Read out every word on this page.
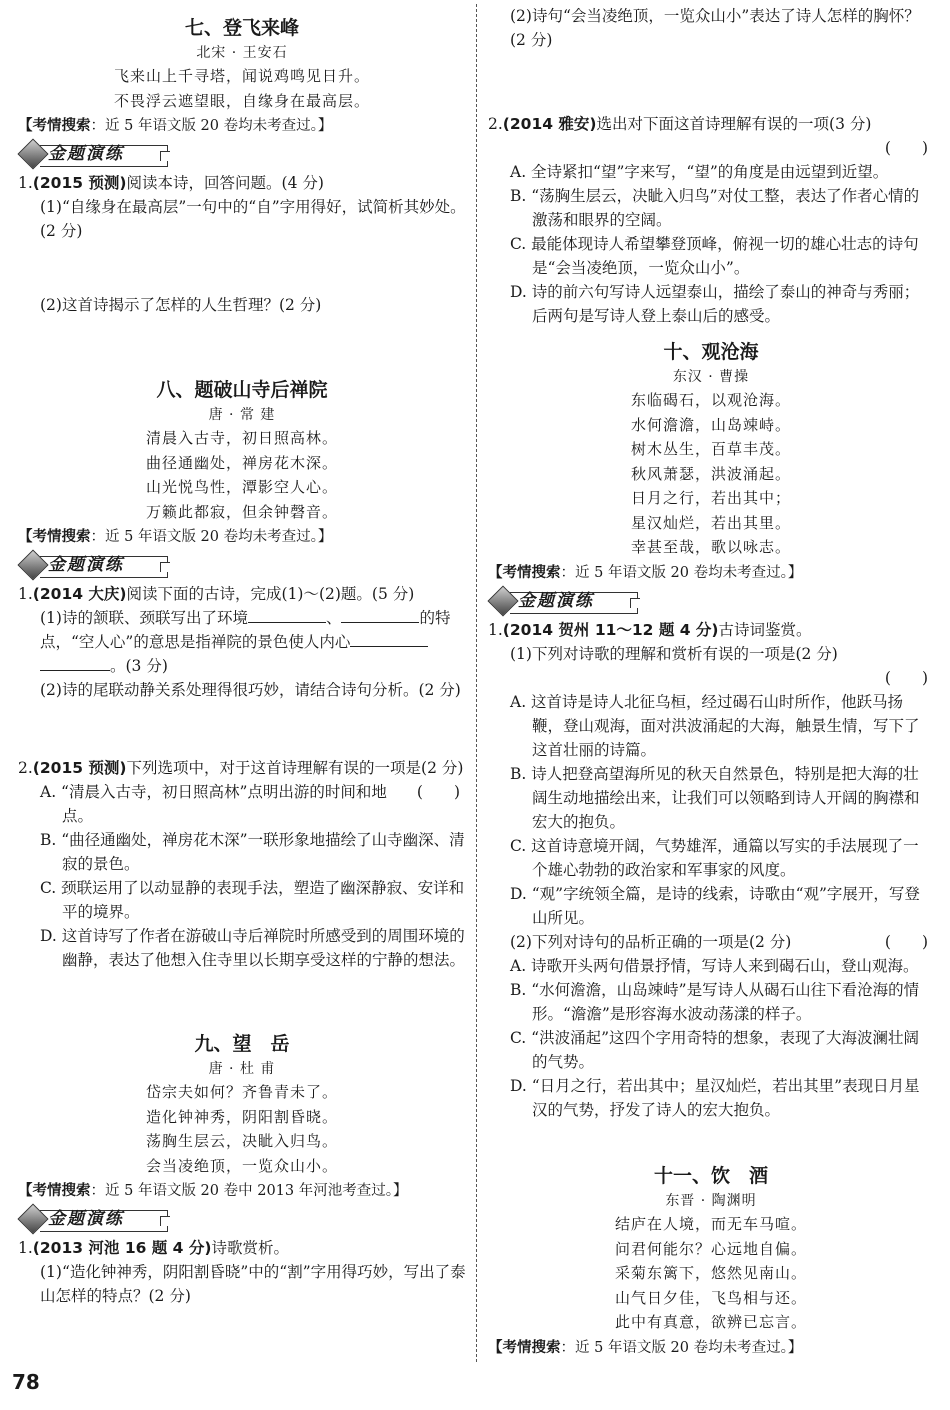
七、登飞来峰
北宋 · 王安石
飞来山上千寻塔，闻说鸡鸣见日升。
不畏浮云遮望眼，自缘身在最高层。
【考情搜索：近 5 年语文版 20 卷均未考查过。】
金题演练
1.(2015 预测)阅读本诗，回答问题。(4 分)
(1)“自缘身在最高层”一句中的“自”字用得好，试简析其妙处。(2 分)
(2)这首诗揭示了怎样的人生哲理？(2 分)
八、题破山寺后禅院
唐 · 常 建
清晨入古寺，初日照高林。
曲径通幽处，禅房花木深。
山光悦鸟性，潭影空人心。
万籁此都寂，但余钟磬音。
【考情搜索：近 5 年语文版 20 卷均未考查过。】
金题演练
1.(2014 大庆)阅读下面的古诗，完成(1)～(2)题。(5 分)
(1)诗的颔联、颈联写出了环境	、	的特点，“空人心”的意思是指禅院的景色使人内心
。(3 分)
(2)诗的尾联动静关系处理得很巧妙，请结合诗句分析。(2 分)
2.(2015 预测)下列选项中，对于这首诗理解有误的一项是(2 分)
(　　)
A. “清晨入古寺，初日照高林”点明出游的时间和地点。
B. “曲径通幽处，禅房花木深”一联形象地描绘了山寺幽深、清寂的景色。
C. 颈联运用了以动显静的表现手法，塑造了幽深静寂、安详和平的境界。
D. 这首诗写了作者在游破山寺后禅院时所感受到的周围环境的幽静，表达了他想入住寺里以长期享受这样的宁静的想法。
九、望　岳
唐 · 杜 甫
岱宗夫如何？齐鲁青未了。
造化钟神秀，阴阳割昏晓。
荡胸生层云，决眦入归鸟。
会当凌绝顶，一览众山小。
【考情搜索：近 5 年语文版 20 卷中 2013 年河池考查过。】
金题演练
1.(2013 河池 16 题 4 分)诗歌赏析。
(1)“造化钟神秀，阴阳割昏晓”中的“割”字用得巧妙，写出了泰山怎样的特点？(2 分)
(2)诗句“会当凌绝顶，一览众山小”表达了诗人怎样的胸怀？(2 分)
2.(2014 雅安)选出对下面这首诗理解有误的一项(3 分)
(　　)
A. 全诗紧扣“望”字来写，“望”的角度是由远望到近望。
B. “荡胸生层云，决眦入归鸟”对仗工整，表达了作者心情的激荡和眼界的空阔。
C. 最能体现诗人希望攀登顶峰，俯视一切的雄心壮志的诗句是“会当凌绝顶，一览众山小”。
D. 诗的前六句写诗人远望泰山，描绘了泰山的神奇与秀丽；后两句是写诗人登上泰山后的感受。
十、观沧海
东汉 · 曹操
东临碣石，以观沧海。
水何澹澹，山岛竦峙。
树木丛生，百草丰茂。
秋风萧瑟，洪波涌起。
日月之行，若出其中；
星汉灿烂，若出其里。
幸甚至哉，歌以咏志。
【考情搜索：近 5 年语文版 20 卷均未考查过。】
金题演练
1.(2014 贺州 11～12 题 4 分)古诗词鉴赏。
(1)下列对诗歌的理解和赏析有误的一项是(2 分)
(　　)
A. 这首诗是诗人北征乌桓，经过碣石山时所作，他跃马扬鞭，登山观海，面对洪波涌起的大海，触景生情，写下了这首壮丽的诗篇。
B. 诗人把登高望海所见的秋天自然景色，特别是把大海的壮阔生动地描绘出来，让我们可以领略到诗人开阔的胸襟和宏大的抱负。
C. 这首诗意境开阔，气势雄浑，通篇以写实的手法展现了一个雄心勃勃的政治家和军事家的风度。
D. “观”字统领全篇，是诗的线索，诗歌由“观”字展开，写登山所见。
(2)下列对诗句的品析正确的一项是(2 分)	(　　)
A. 诗歌开头两句借景抒情，写诗人来到碣石山，登山观海。
B. “水何澹澹，山岛竦峙”是写诗人从碣石山往下看沧海的情形。“澹澹”是形容海水波动荡漾的样子。
C. “洪波涌起”这四个字用奇特的想象，表现了大海波澜壮阔的气势。
D. “日月之行，若出其中；星汉灿烂，若出其里”表现日月星汉的气势，抒发了诗人的宏大抱负。
十一、饮　酒
东晋 · 陶渊明
结庐在人境，而无车马喧。
问君何能尔？心远地自偏。
采菊东篱下，悠然见南山。
山气日夕佳，飞鸟相与还。
此中有真意，欲辨已忘言。
【考情搜索：近 5 年语文版 20 卷均未考查过。】
78
